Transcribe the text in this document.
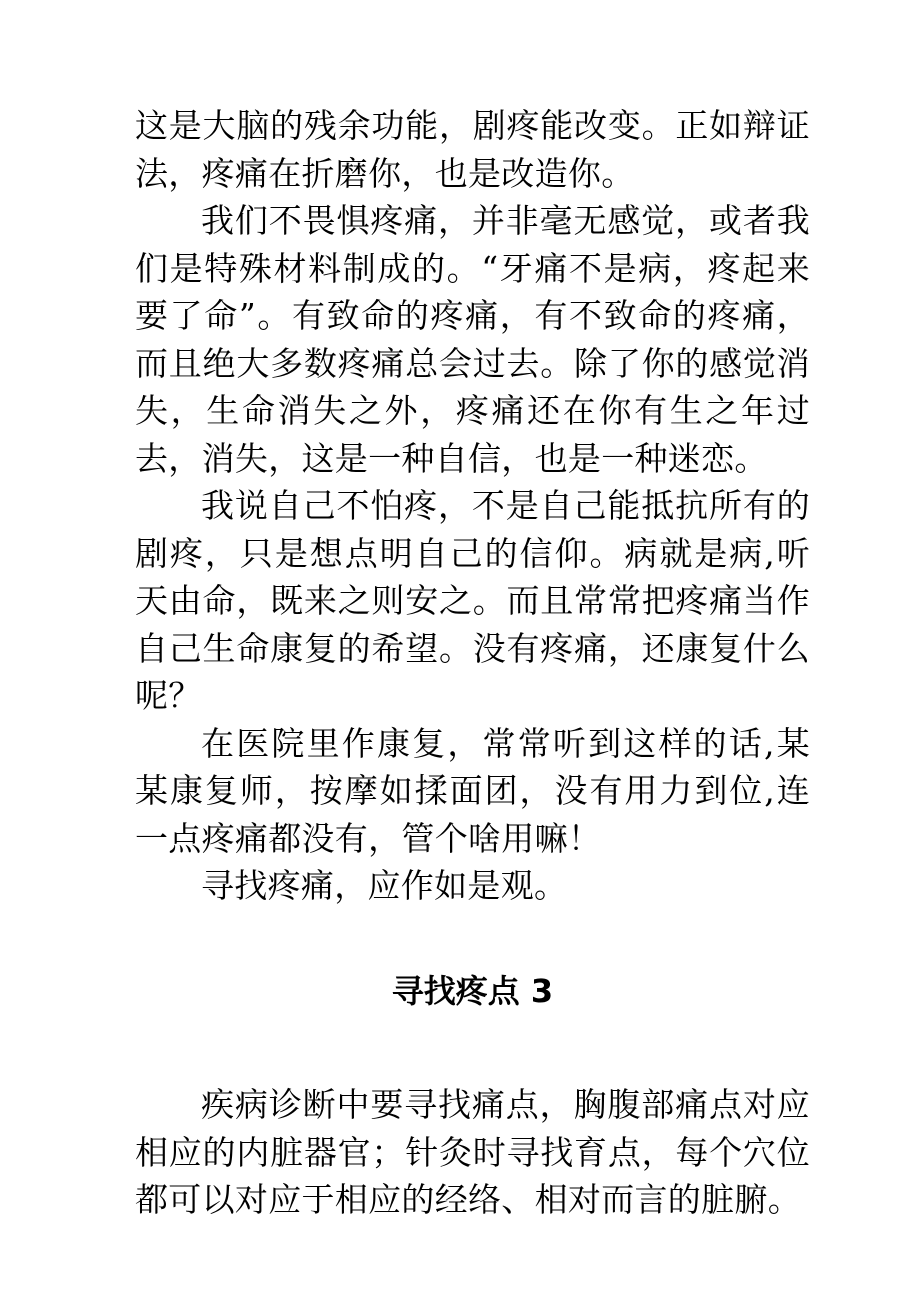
这是大脑的残余功能，剧疼能改变。正如辩证法，疼痛在折磨你，也是改造你。

我们不畏惧疼痛，并非毫无感觉，或者我们是特殊材料制成的。“牙痛不是病，疼起来要了命”。有致命的疼痛，有不致命的疼痛，而且绝大多数疼痛总会过去。除了你的感觉消失，生命消失之外，疼痛还在你有生之年过去，消失，这是一种自信，也是一种迷恋。

我说自己不怕疼，不是自己能抵抗所有的剧疼，只是想点明自己的信仰。病就是病,听天由命，既来之则安之。而且常常把疼痛当作自己生命康复的希望。没有疼痛，还康复什么呢？

在医院里作康复，常常听到这样的话,某某康复师，按摩如揉面团，没有用力到位,连一点疼痛都没有，管个啥用嘛！

寻找疼痛，应作如是观。

寻找疼点 3

疾病诊断中要寻找痛点，胸腹部痛点对应相应的内脏器官；针灸时寻找育点，每个穴位都可以对应于相应的经络、相对而言的脏腑。
